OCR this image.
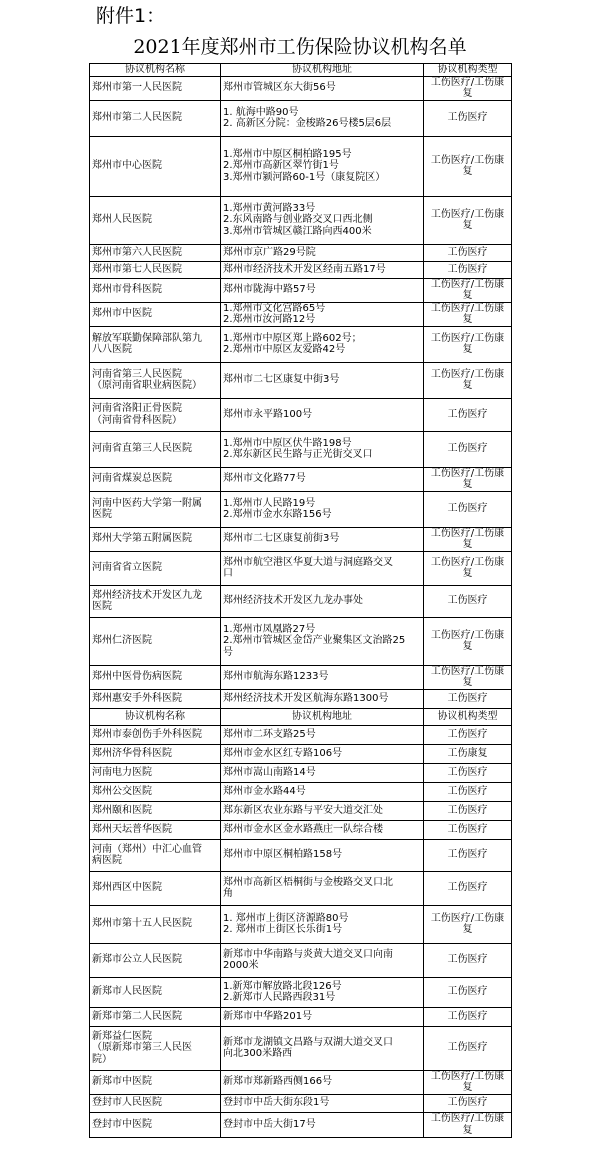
附件1：
2021年度郑州市工伤保险协议机构名单
协议机构名称	协议机构地址	协议机构类型

郑州市第一人民医院	郑州市管城区东大街56号	工伤医疗/工伤康
复

郑州市第二人民医院	1. 航海中路90号
2. 高新区分院：金梭路26号楼5层6层	工伤医疗

郑州市中心医院	1.郑州市中原区桐柏路195号
2.郑州市高新区翠竹街1号
3.郑州市颍河路60-1号（康复院区）	工伤医疗/工伤康
复

郑州人民医院	1.郑州市黄河路33号
2.东风南路与创业路交叉口西北侧
3.郑州市管城区赣江路向西400米	工伤医疗/工伤康
复

郑州市第六人民医院	郑州市京广路29号院	工伤医疗

郑州市第七人民医院	郑州市经济技术开发区经南五路17号	工伤医疗

郑州市骨科医院	郑州市陇海中路57号	工伤医疗/工伤康
复

郑州市中医院	1.郑州市文化宫路65号
2.郑州市汝河路12号	工伤医疗/工伤康
复

解放军联勤保障部队第九
八八医院	1.郑州市中原区郑上路602号；
2.郑州市中原区友爱路42号	工伤医疗/工伤康
复

河南省第三人民医院
（原河南省职业病医院）	郑州市二七区康复中街3号	工伤医疗/工伤康
复

河南省洛阳正骨医院
（河南省骨科医院）	郑州市永平路100号	工伤医疗

河南省直第三人民医院	1.郑州市中原区伏牛路198号
2.郑东新区民生路与正光街交叉口	工伤医疗

河南省煤炭总医院	郑州市文化路77号	工伤医疗/工伤康
复

河南中医药大学第一附属
医院	1.郑州市人民路19号
2.郑州市金水东路156号	工伤医疗

郑州大学第五附属医院	郑州市二七区康复前街3号	工伤医疗/工伤康
复

河南省省立医院	郑州市航空港区华夏大道与洞庭路交叉
口	工伤医疗/工伤康
复

郑州经济技术开发区九龙
医院	郑州经济技术开发区九龙办事处	工伤医疗

郑州仁济医院	1.郑州市凤凰路27号
2.郑州市管城区金岱产业聚集区文治路25
号	工伤医疗/工伤康
复

郑州中医骨伤病医院	郑州市航海东路1233号	工伤医疗/工伤康
复

郑州惠安手外科医院	郑州经济技术开发区航海东路1300号	工伤医疗

协议机构名称	协议机构地址	协议机构类型

郑州市泰创伤手外科医院	郑州市二环支路25号	工伤医疗

郑州济华骨科医院	郑州市金水区红专路106号	工伤康复

河南电力医院	郑州市嵩山南路14号	工伤医疗

郑州公交医院	郑州市金水路44号	工伤医疗

郑州颐和医院	郑东新区农业东路与平安大道交汇处	工伤医疗

郑州天坛普华医院	郑州市金水区金水路燕庄一队综合楼	工伤医疗

河南（郑州）中汇心血管
病医院	郑州市中原区桐柏路158号	工伤医疗

郑州西区中医院	郑州市高新区梧桐街与金梭路交叉口北
角	工伤医疗

郑州市第十五人民医院	1. 郑州市上街区济源路80号
2. 郑州市上街区长乐街1号	工伤医疗/工伤康
复

新郑市公立人民医院	新郑市中华南路与炎黄大道交叉口向南
2000米	工伤医疗

新郑市人民医院	1.新郑市解放路北段126号
2.新郑市人民路西段31号	工伤医疗

新郑市第二人民医院	新郑市中华路201号	工伤医疗

新郑益仁医院
（原新郑市第三人民医
院）	新郑市龙湖镇文昌路与双湖大道交叉口
向北300米路西	工伤医疗

新郑市中医院	新郑市郑新路西侧166号	工伤医疗/工伤康
复

登封市人民医院	登封市中岳大街东段1号	工伤医疗

登封市中医院	登封市中岳大街17号	工伤医疗/工伤康
复
